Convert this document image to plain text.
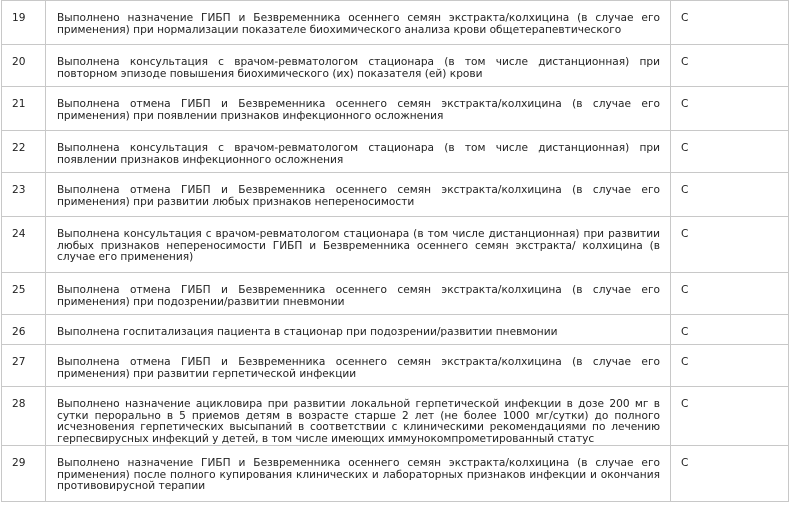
19	Выполнено назначение ГИБП и Безвременника осеннего семян экстракта/колхицина (в случае его применения) при нормализации показателе биохимического анализа крови общетерапевтического	С

20	Выполнена консультация с врачом-ревматологом стационара (в том числе дистанционная) при повторном эпизоде повышения биохимического (их) показателя (ей) крови	С

21	Выполнена отмена ГИБП и Безвременника осеннего семян экстракта/колхицина (в случае его применения) при появлении признаков инфекционного осложнения	С

22	Выполнена консультация с врачом-ревматологом стационара (в том числе дистанционная) при появлении признаков инфекционного осложнения	С

23	Выполнена отмена ГИБП и Безвременника осеннего семян экстракта/колхицина (в случае его применения) при развитии любых признаков непереносимости	С

24	Выполнена консультация с врачом-ревматологом стационара (в том числе дистанционная) при развитии любых признаков непереносимости ГИБП и Безвременника осеннего семян экстракта/ колхицина (в случае его применения)	С

25	Выполнена отмена ГИБП и Безвременника осеннего семян экстракта/колхицина (в случае его применения) при подозрении/развитии пневмонии	С

26	Выполнена госпитализация пациента в стационар при подозрении/развитии пневмонии	С

27	Выполнена отмена ГИБП и Безвременника осеннего семян экстракта/колхицина (в случае его применения) при развитии герпетической инфекции	С

28	Выполнено назначение ацикловира при развитии локальной герпетической инфекции в дозе 200 мг в сутки перорально в 5 приемов детям в возрасте старше 2 лет (не более 1000 мг/сутки) до полного исчезновения герпетических высыпаний в соответствии с клиническими рекомендациями по лечению герпесвирусных инфекций у детей, в том числе имеющих иммунокомпрометированный статус	С

29	Выполнено назначение ГИБП и Безвременника осеннего семян экстракта/колхицина (в случае его применения) после полного купирования клинических и лабораторных признаков инфекции и окончания противовирусной терапии	С
